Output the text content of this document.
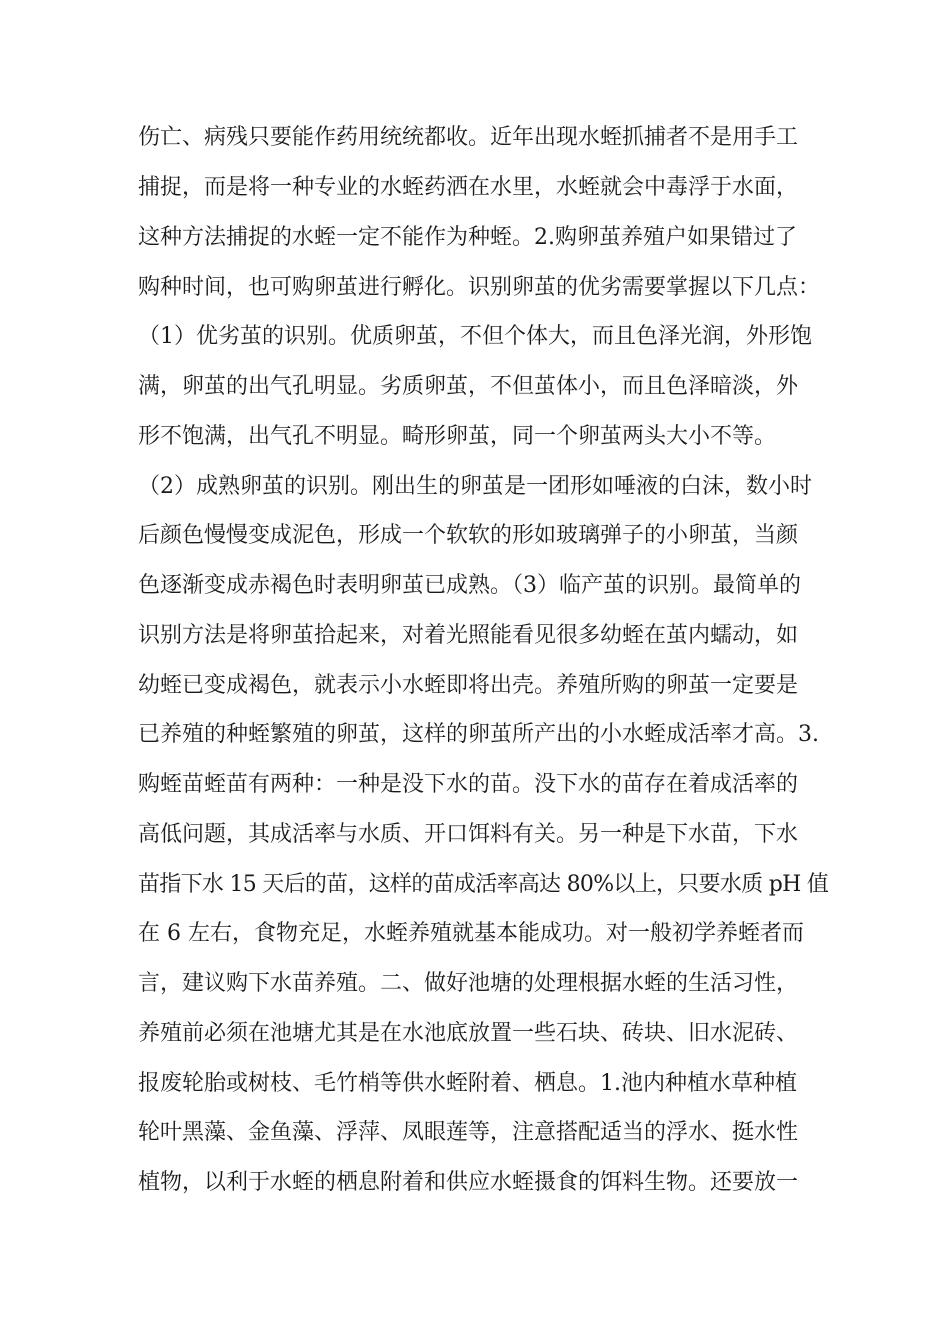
伤亡、病残只要能作药用统统都收。近年出现水蛭抓捕者不是用手工
捕捉，而是将一种专业的水蛭药洒在水里，水蛭就会中毒浮于水面，
这种方法捕捉的水蛭一定不能作为种蛭。2.购卵茧养殖户如果错过了
购种时间，也可购卵茧进行孵化。识别卵茧的优劣需要掌握以下几点：
（1）优劣茧的识别。优质卵茧，不但个体大，而且色泽光润，外形饱
满，卵茧的出气孔明显。劣质卵茧，不但茧体小，而且色泽暗淡，外
形不饱满，出气孔不明显。畸形卵茧，同一个卵茧两头大小不等。
（2）成熟卵茧的识别。刚出生的卵茧是一团形如唾液的白沫，数小时
后颜色慢慢变成泥色，形成一个软软的形如玻璃弹子的小卵茧，当颜
色逐渐变成赤褐色时表明卵茧已成熟。（3）临产茧的识别。最简单的
识别方法是将卵茧拾起来，对着光照能看见很多幼蛭在茧内蠕动，如
幼蛭已变成褐色，就表示小水蛭即将出壳。养殖所购的卵茧一定要是
已养殖的种蛭繁殖的卵茧，这样的卵茧所产出的小水蛭成活率才高。3.
购蛭苗蛭苗有两种：一种是没下水的苗。没下水的苗存在着成活率的
高低问题，其成活率与水质、开口饵料有关。另一种是下水苗，下水
苗指下水 15 天后的苗，这样的苗成活率高达 80%以上，只要水质 pH 值
在 6 左右，食物充足，水蛭养殖就基本能成功。对一般初学养蛭者而
言，建议购下水苗养殖。二、做好池塘的处理根据水蛭的生活习性，
养殖前必须在池塘尤其是在水池底放置一些石块、砖块、旧水泥砖、
报废轮胎或树枝、毛竹梢等供水蛭附着、栖息。1.池内种植水草种植
轮叶黑藻、金鱼藻、浮萍、凤眼莲等，注意搭配适当的浮水、挺水性
植物，以利于水蛭的栖息附着和供应水蛭摄食的饵料生物。还要放一
